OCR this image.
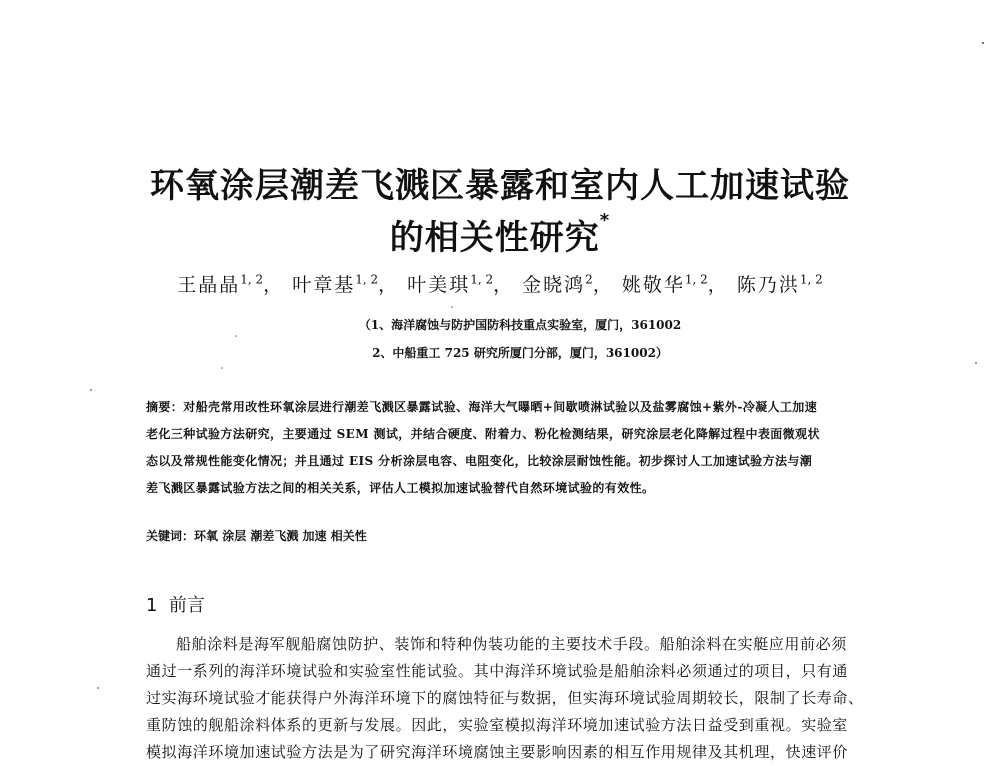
环氧涂层潮差飞溅区暴露和室内人工加速试验
的相关性研究*
王晶晶$^{1, 2}$， 叶章基$^{1, 2}$， 叶美琪$^{1, 2}$， 金晓鸿$^2$， 姚敬华$^{1, 2}$， 陈乃洪$^{1, 2}$
（1、海洋腐蚀与防护国防科技重点实验室，厦门，361002
2、中船重工 725 研究所厦门分部，厦门，361002）
摘要：对船壳常用改性环氧涂层进行潮差飞溅区暴露试验、海洋大气曝晒+间歇喷淋试验以及盐雾腐蚀+紫外-冷凝人工加速
老化三种试验方法研究，主要通过 SEM 测试，并结合硬度、附着力、粉化检测结果，研究涂层老化降解过程中表面微观状
态以及常规性能变化情况；并且通过 EIS 分析涂层电容、电阻变化，比较涂层耐蚀性能。初步探讨人工加速试验方法与潮
差飞溅区暴露试验方法之间的相关关系，评估人工模拟加速试验替代自然环境试验的有效性。
关键词：环氧 涂层 潮差飞溅 加速 相关性
1 前言
船舶涂料是海军舰船腐蚀防护、装饰和特种伪装功能的主要技术手段。船舶涂料在实艇应用前必须
通过一系列的海洋环境试验和实验室性能试验。其中海洋环境试验是船舶涂料必须通过的项目，只有通
过实海环境试验才能获得户外海洋环境下的腐蚀特征与数据，但实海环境试验周期较长，限制了长寿命、
重防蚀的舰船涂料体系的更新与发展。因此，实验室模拟海洋环境加速试验方法日益受到重视。实验室
模拟海洋环境加速试验方法是为了研究海洋环境腐蚀主要影响因素的相互作用规律及其机理，快速评价
